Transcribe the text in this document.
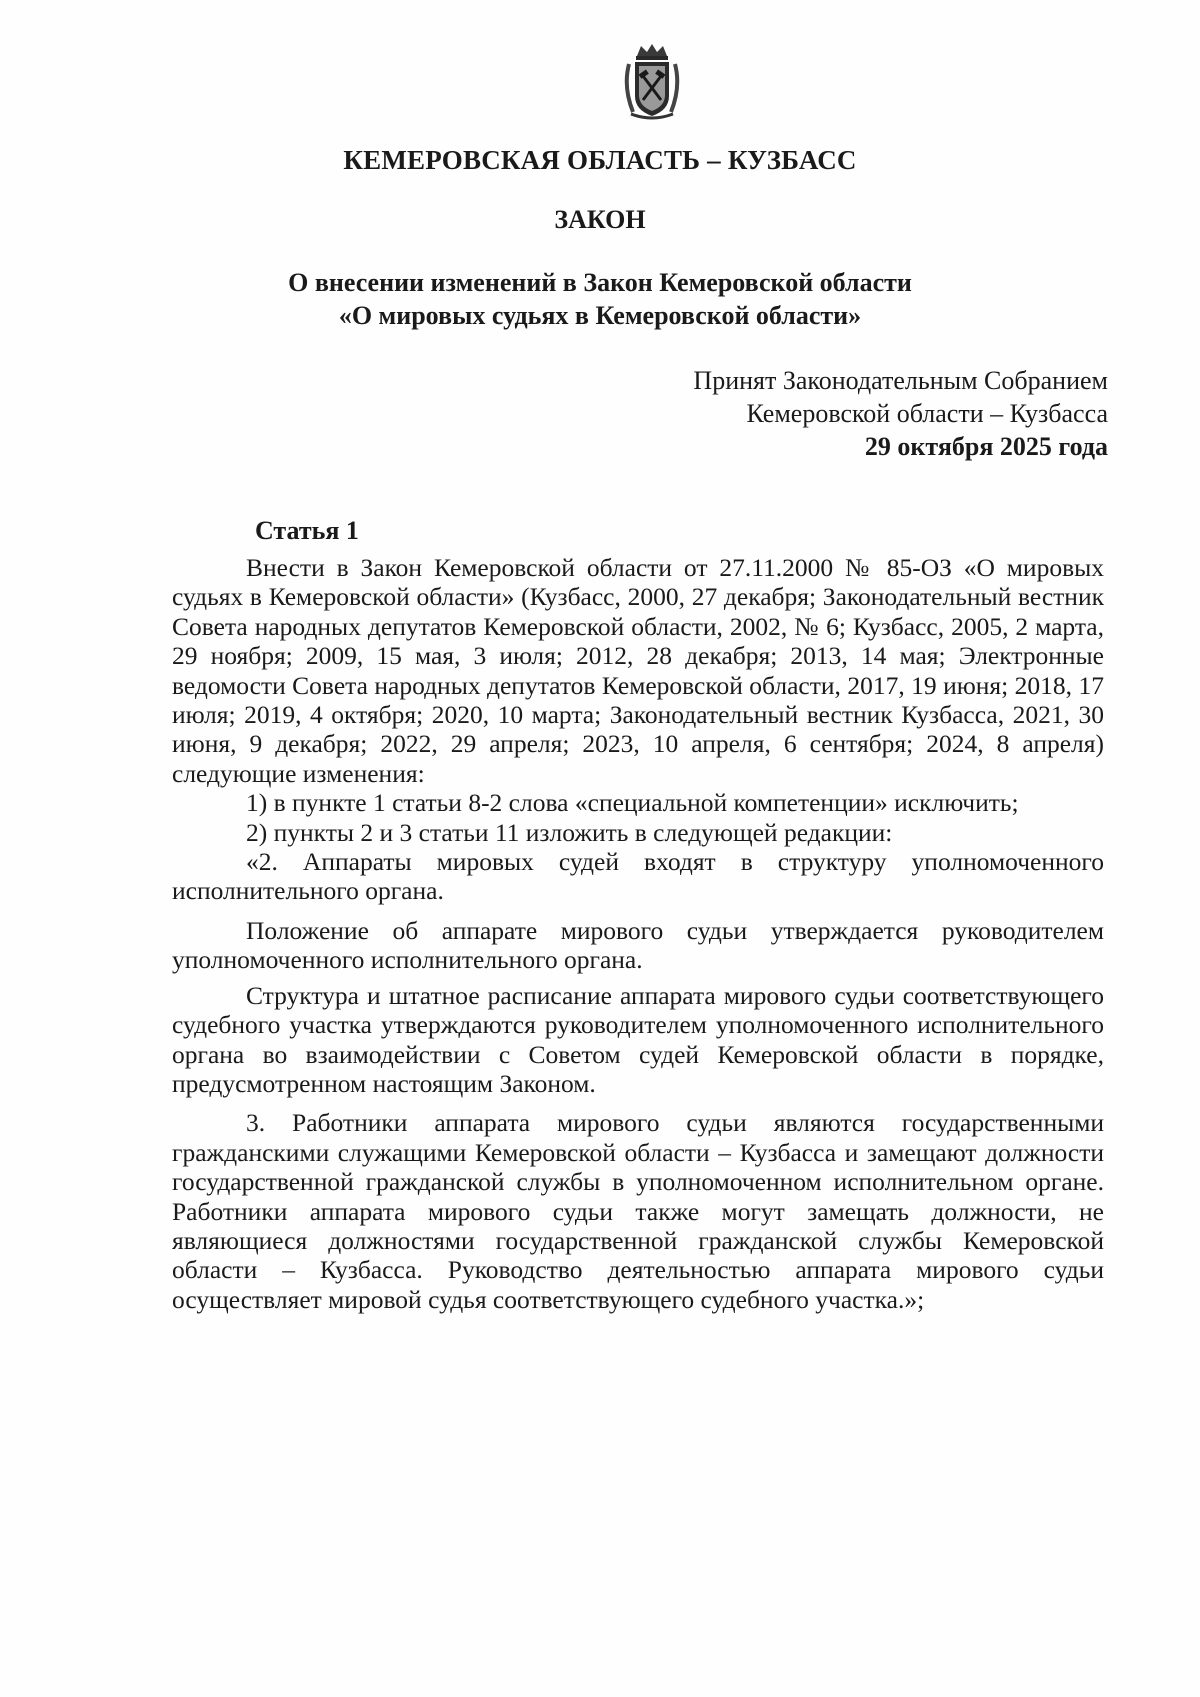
КЕМЕРОВСКАЯ ОБЛАСТЬ – КУЗБАСС
ЗАКОН
О внесении изменений в Закон Кемеровской области
«О мировых судьях в Кемеровской области»
Принят Законодательным Собранием
Кемеровской области – Кузбасса
29 октября 2025 года
Статья 1

Внести в Закон Кемеровской области от 27.11.2000 № 85-ОЗ «О мировых судьях в Кемеровской области» (Кузбасс, 2000, 27 декабря; Законодательный вестник Совета народных депутатов Кемеровской области, 2002, № 6; Кузбасс, 2005, 2 марта, 29 ноября; 2009, 15 мая, 3 июля; 2012, 28 декабря; 2013, 14 мая; Электронные ведомости Совета народных депутатов Кемеровской области, 2017, 19 июня; 2018, 17 июля; 2019, 4 октября; 2020, 10 марта; Законодательный вестник Кузбасса, 2021, 30 июня, 9 декабря; 2022, 29 апреля; 2023, 10 апреля, 6 сентября; 2024, 8 апреля) следующие изменения:

1) в пункте 1 статьи 8-2 слова «специальной компетенции» исключить;

2) пункты 2 и 3 статьи 11 изложить в следующей редакции:

«2. Аппараты мировых судей входят в структуру уполномоченного исполнительного органа.

Положение об аппарате мирового судьи утверждается руководителем уполномоченного исполнительного органа.

Структура и штатное расписание аппарата мирового судьи соответствующего судебного участка утверждаются руководителем уполномоченного исполнительного органа во взаимодействии с Советом судей Кемеровской области в порядке, предусмотренном настоящим Законом.

3. Работники аппарата мирового судьи являются государственными гражданскими служащими Кемеровской области – Кузбасса и замещают должности государственной гражданской службы в уполномоченном исполнительном органе. Работники аппарата мирового судьи также могут замещать должности, не являющиеся должностями государственной гражданской службы Кемеровской области – Кузбасса. Руководство деятельностью аппарата мирового судьи осуществляет мировой судья соответствующего судебного участка.»;
